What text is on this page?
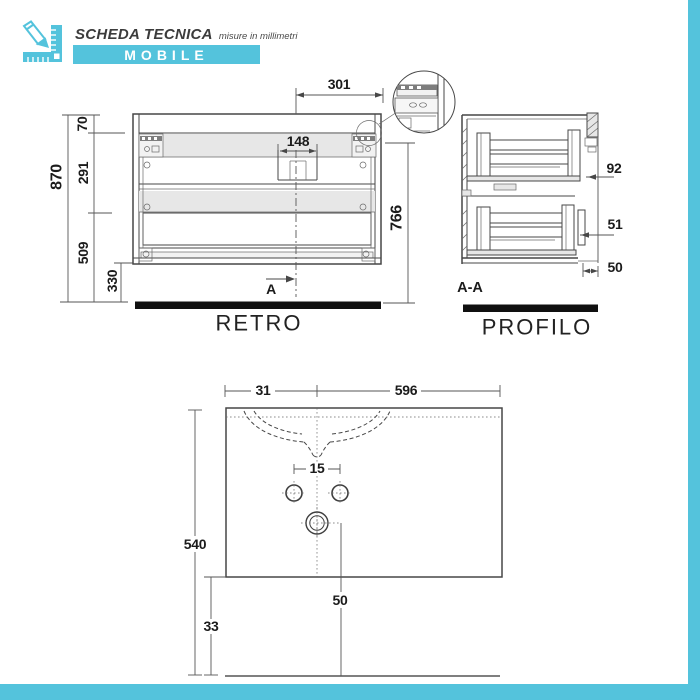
SCHEDA TECNICA misure in millimetri
MOBILE
870
70
291
509
330	A
301
148
766
RETRO
92
51
50
A-A
PROFILO
31	596
15
50
540
33
